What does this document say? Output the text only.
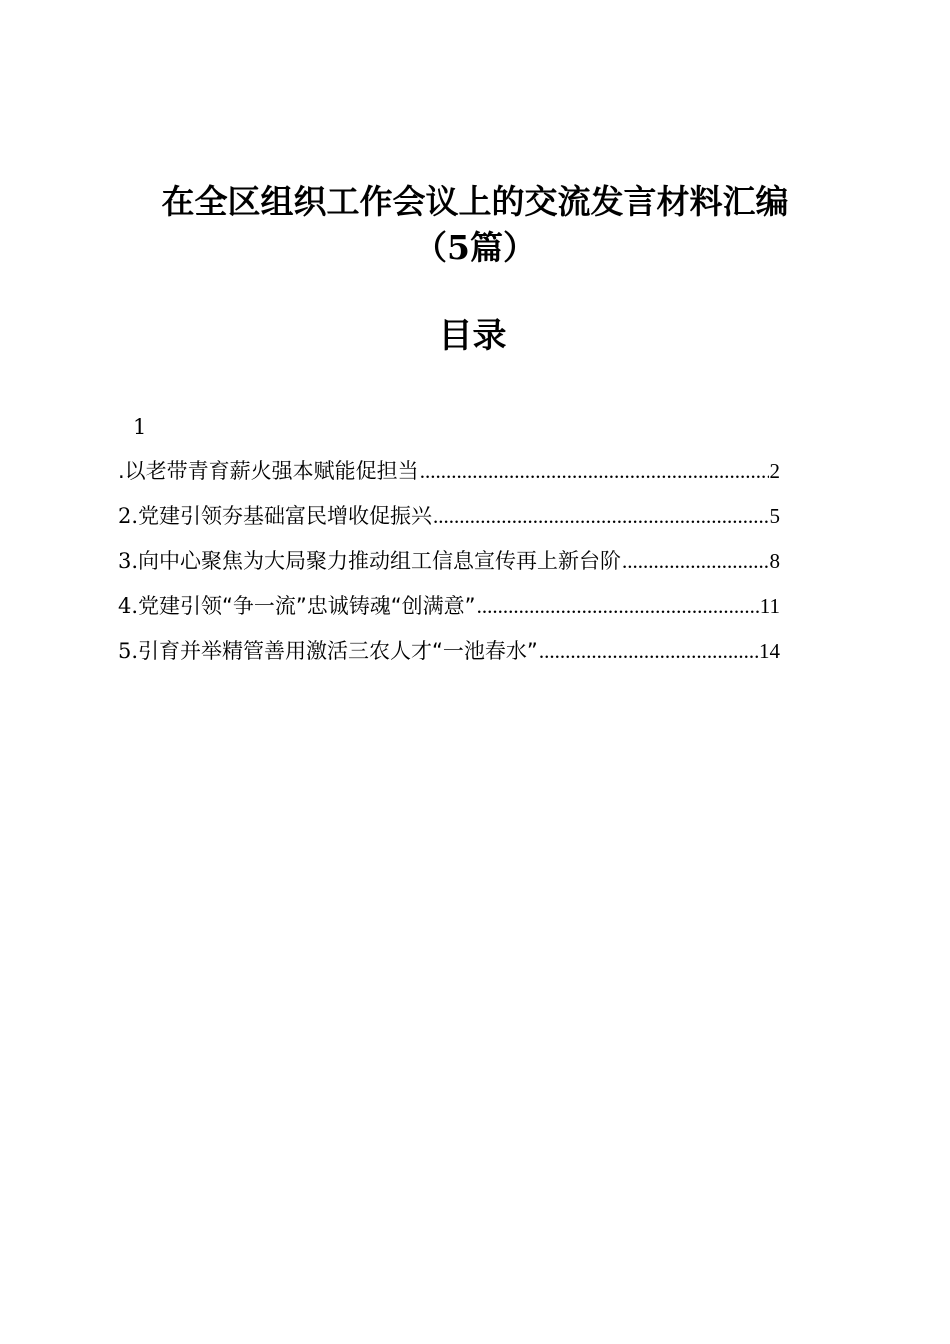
在全区组织工作会议上的交流发言材料汇编
（5篇）
目录
1
.以老带青育薪火强本赋能促担当 .....	2
2.党建引领夯基础富民增收促振兴 .....	5
3.向中心聚焦为大局聚力推动组工信息宣传再上新台阶 .....	8
4.党建引领“争一流”忠诚铸魂“创满意” .....	11
5.引育并举精管善用激活三农人才“一池春水” .....	14
